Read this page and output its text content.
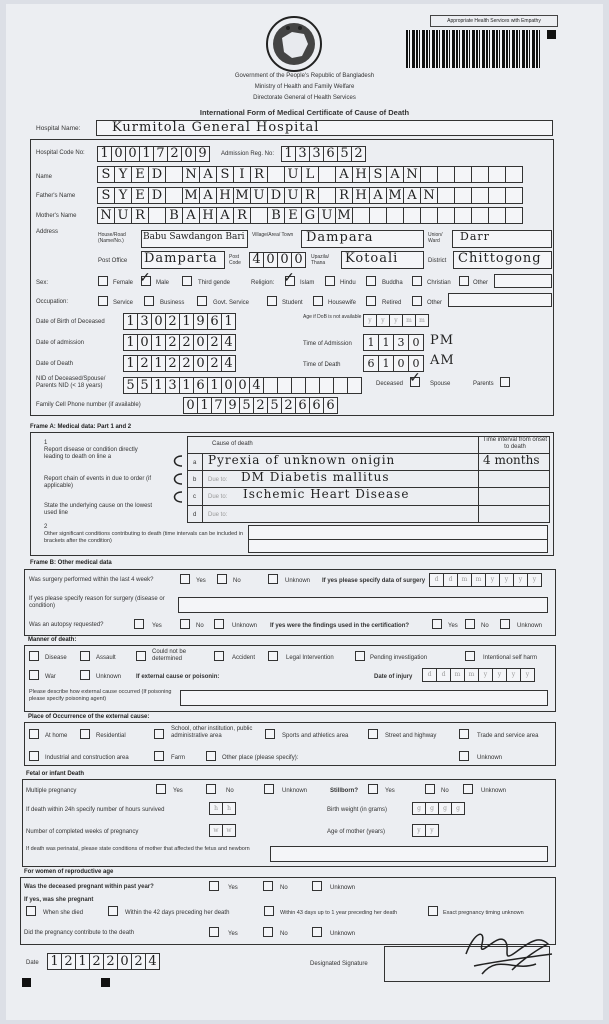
Appropriate Health Services with Empathy
Government of the People's Republic of Bangladesh
Ministry of Health and Family Welfare
Directorate General of Health Services
International Form of Medical Certificate of Cause of Death
Hospital Name: Kurmitola General Hospital
Hospital Code No: 1 0 0 1 7 2 0 9	Admission Reg. No: 1 3 3 6 5 2
Name	S Y E D N A S I R	U L	A H S A N
Father's Name	S Y E D M A H M U D U R	R H A M A N
Mother's Name N U R	B A H A R	B E G U M
Address	House/Road (Name/No.)	Babu Sawdangon Bari Village/Area/ Town Dampara	Union/ Ward	Darr
Post Office Damparta Post Code 4 0 0 0	Upazila/ Thana	Kotoali	District Chittogong
Sex:	Female ✓ Male	Third gende	Religion: ✓ Islam	Hindu	Buddha	Christian	Other
Occupation:	Service	Business	Govt. Service	Student	Housewife	Retired	Other
Date of Birth of Deceased 1 3 0 2 1 9 6 1	Age if DoB is not available	y	y	y	m	m
Date of admission	1 0 1 2 2 0 2 4	Time of Admission	1 1 3 0 PM
Date of Death	1 2 1 2 2 0 2 4	Time of Death	6 1 0 0 AM
NID of Deceased/Spouse/ Parents NID (< 18 years)	5 5 1 3 1 6 1 0 0 4	Deceased ✓ Spouse	Parents
Family Cell Phone number (if available)	0 1 7 9 5 2 5 2 6 6 6
Frame A: Medical data: Part 1 and 2
1
Report disease or condition directly leading to death on line a
Report chain of events in due to order (if applicable)
State the underlying cause on the lowest used line
Cause of death
Time interval from onset to death
a Pyrexia of unknown onigin	4 months
b Due to: DM Diabetis mallitus
c Due to: Ischemic Heart Disease
d Due to:
2
Other significant conditions contributing to death (time intervals can be included in brackets after the condition)
Frame B: Other medical data
Was surgery performed within the last 4 week?	Yes	No	Unknown If yes please specify data of surgery	d	d	m	m	y	y	y	y
If yes please specify reason for surgery (disease or condition)
Was an autopsy requested?	Yes	No	Unknown If yes were the findings used in the certification?	Yes	No	Unknown
Manner of death:
Disease	Assault
Could not be determined	Accident	Legal Intervention	Pending investigation	Intentional self harm
War	Unknown If external cause or poisonin:	Date of injury	d	d	m	m	y	y	y	y
Please describe how external cause occurred (If poisoning please specify poisoning agent)
Place of Occurrence of the external cause:
At home	Residential
School, other institution, public administrative area	Sports and athletics area	Street and highway	Trade and service area
Industrial and construction area	Farm	Other place (please specify):	Unknown
Fetal or infant Death
Multiple pregnancy	Yes	No	Unknown	Stillborn?	Yes	No	Unknown
If death within 24h specify number of hours survived	h	h	Birth weight (in grams)	g	g	g	g
Number of completed weeks of pregnancy	w	w	Age of mother (years)	y	y
If death was perinatal, please state conditions of mother that affected the fetus and newborn
For women of reproductive age
Was the deceased pregnant within past year?	Yes	No	Unknown
If yes, was she pregnant
When she died	Within the 42 days preceding her death	Within 43 days up to 1 year preceding her death	Exact pregnancy timing unknown
Did the pregnancy contribute to the death	Yes	No	Unknown
Date 1 2 1 2 2 0 2 4	Designated Signature
